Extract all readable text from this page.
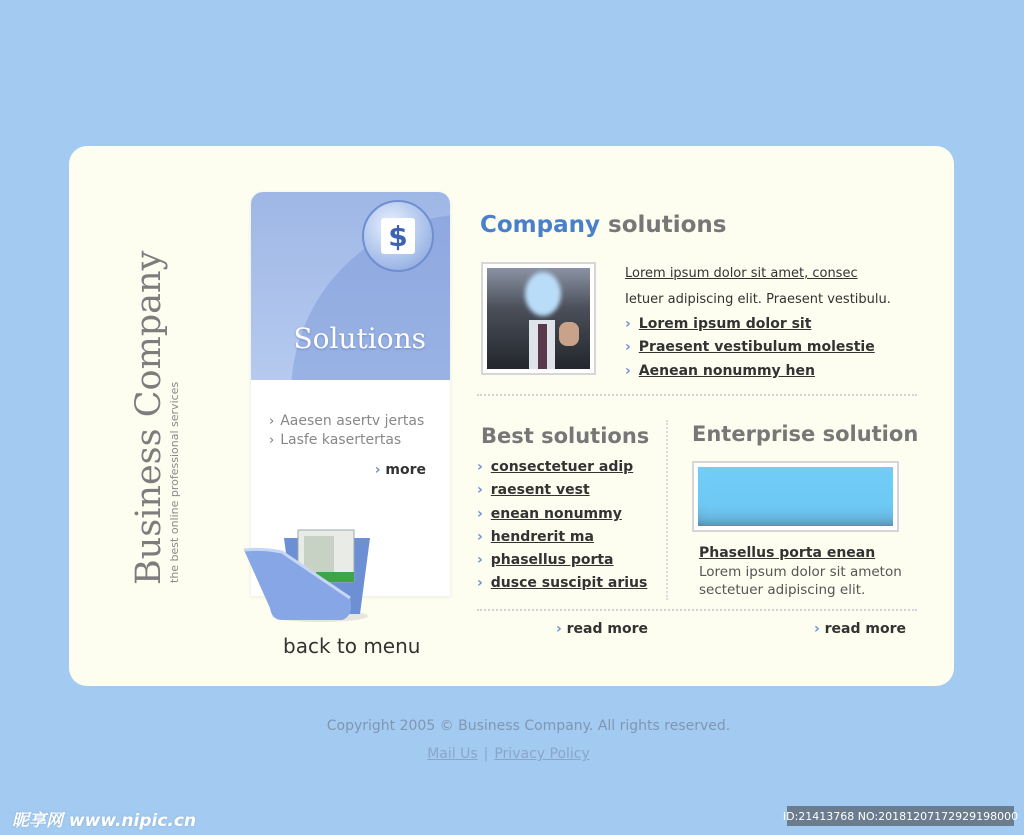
Business Company the best online professional services
$
Solutions
› Aaesen asertv jertas
› Lasfe kasertertas
› more
back to menu
Company solutions
Lorem ipsum dolor sit amet, consec
Ietuer adipiscing elit. Praesent vestibulu.
› Lorem ipsum dolor sit
› Praesent vestibulum molestie
› Aenean nonummy hen
Best solutions
› consectetuer adip
› raesent vest
› enean nonummy
› hendrerit ma
› phasellus porta
› dusce suscipit arius
Enterprise solution
Phasellus porta enean
Lorem ipsum dolor sit ameton sectetuer adipiscing elit.
› read more
›	read more
Copyright 2005 © Business Company. All rights reserved.
Mail Us | Privacy Policy
昵享网 www.nipic.cn	ID:21413768 NO:20181207172929198000
